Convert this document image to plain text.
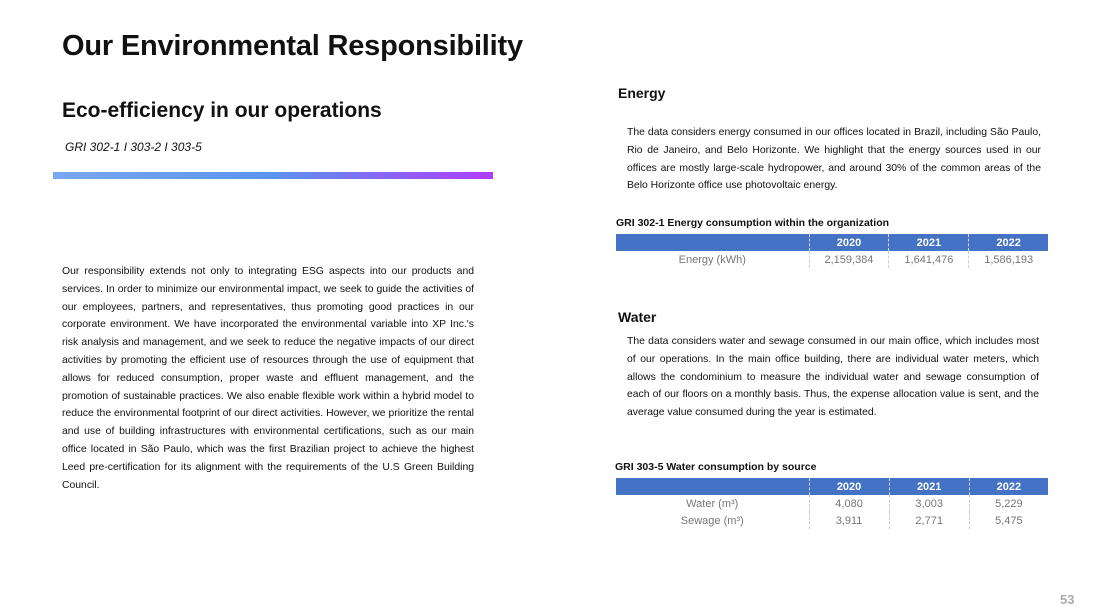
Our Environmental Responsibility
Eco-efficiency in our operations
GRI 302-1 I 303-2 I 303-5

Our responsibility extends not only to integrating ESG aspects into our products and services. In order to minimize our environmental impact, we seek to guide the activities of our employees, partners, and representatives, thus promoting good practices in our corporate environment. We have incorporated the environmental variable into XP Inc.'s risk analysis and management, and we seek to reduce the negative impacts of our direct activities by promoting the efficient use of resources through the use of equipment that allows for reduced consumption, proper waste and effluent management, and the promotion of sustainable practices. We also enable flexible work within a hybrid model to reduce the environmental footprint of our direct activities. However, we prioritize the rental and use of building infrastructures with environmental certifications, such as our main office located in São Paulo, which was the first Brazilian project to achieve the highest Leed pre-certification for its alignment with the requirements of the U.S Green Building Council.

Energy

The data considers energy consumed in our offices located in Brazil, including São Paulo, Rio de Janeiro, and Belo Horizonte. We highlight that the energy sources used in our offices are mostly large-scale hydropower, and around 30% of the common areas of the Belo Horizonte office use photovoltaic energy.

GRI 302-1 Energy consumption within the organization
	2020	2021	2022
Energy (kWh)	2,159,384	1,641,476	1,586,193
Water

The data considers water and sewage consumed in our main office, which includes most of our operations. In the main office building, there are individual water meters, which allows the condominium to measure the individual water and sewage consumption of each of our floors on a monthly basis. Thus, the expense allocation value is sent, and the average value consumed during the year is estimated.

GRI 303-5 Water consumption by source
	2020	2021	2022
Water (m³)	4,080	3,003	5,229
Sewage (m³)	3,911	2,771	5,475
53
